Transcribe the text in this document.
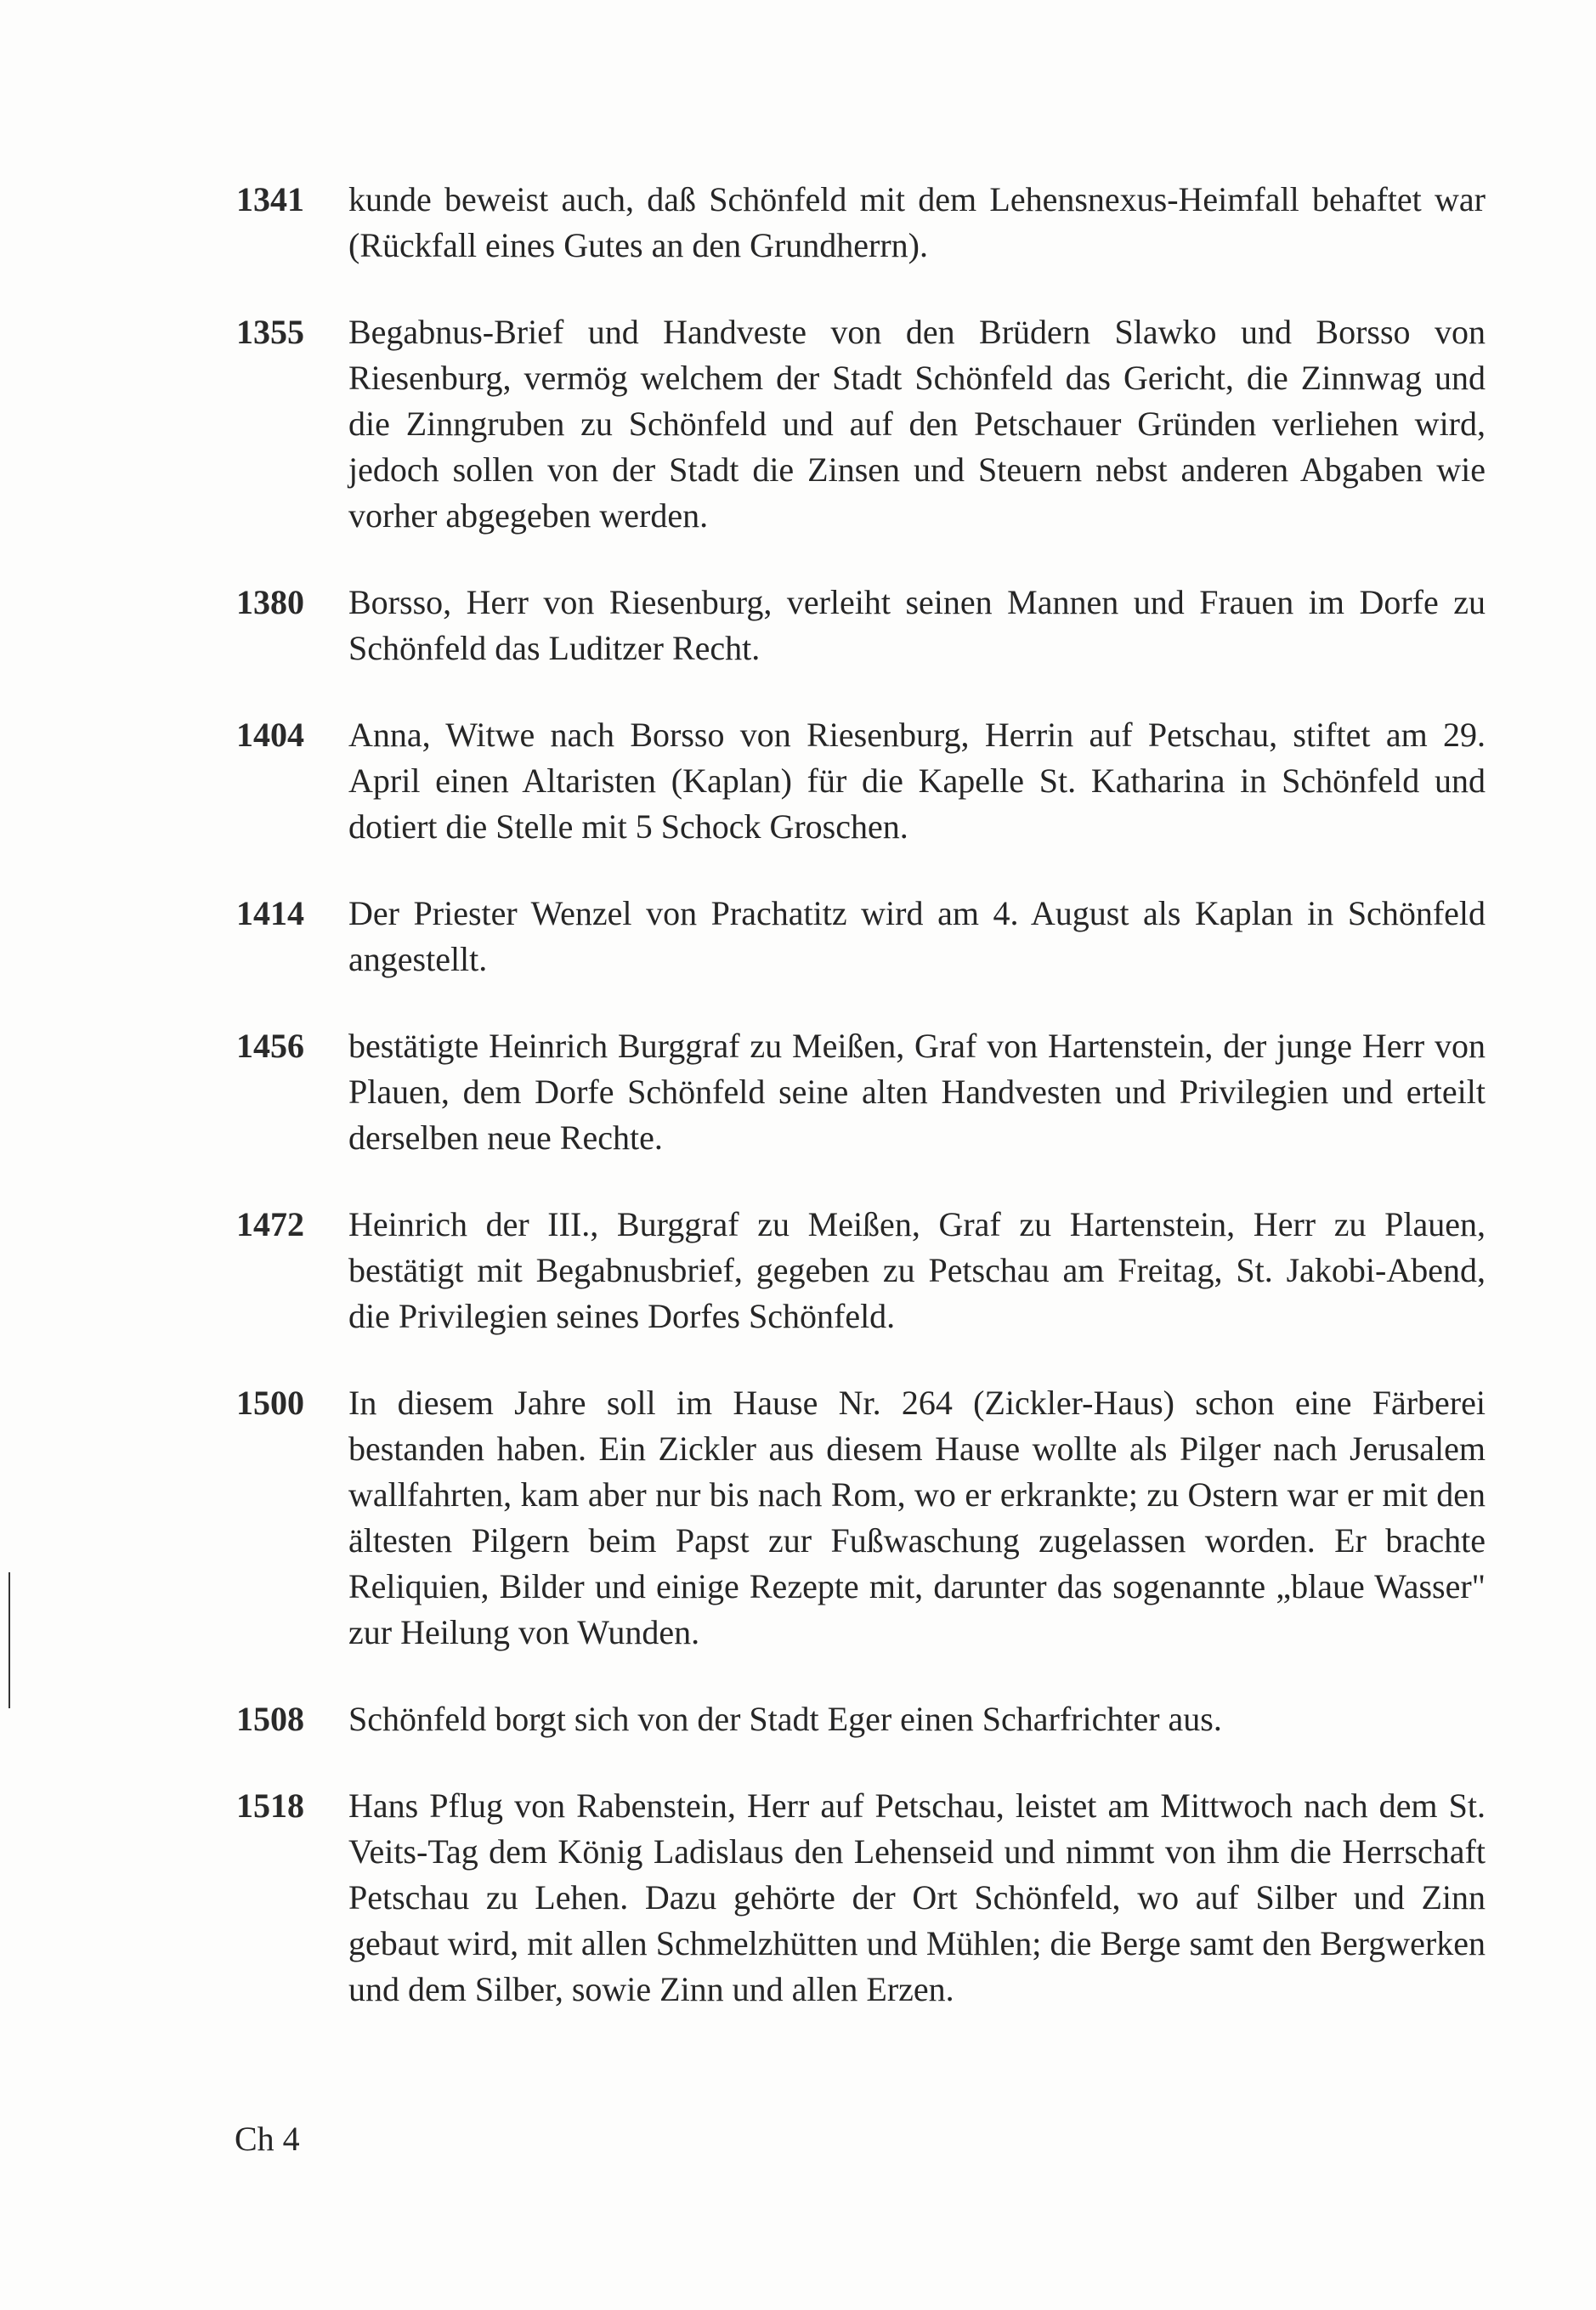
1341	kunde beweist auch, daß Schönfeld mit dem Lehensnexus-Heimfall behaftet war (Rückfall eines Gutes an den Grundherrn).
1355	Begabnus-Brief und Handveste von den Brüdern Slawko und Borsso von Riesenburg, vermög welchem der Stadt Schönfeld das Gericht, die Zinnwag und die Zinngruben zu Schönfeld und auf den Petschauer Gründen verliehen wird, jedoch sollen von der Stadt die Zinsen und Steuern nebst anderen Abgaben wie vorher abgegeben werden.
1380	Borsso, Herr von Riesenburg, verleiht seinen Mannen und Frauen im Dorfe zu Schönfeld das Luditzer Recht.
1404	Anna, Witwe nach Borsso von Riesenburg, Herrin auf Petschau, stiftet am 29. April einen Altaristen (Kaplan) für die Kapelle St. Katharina in Schönfeld und dotiert die Stelle mit 5 Schock Groschen.
1414	Der Priester Wenzel von Prachatitz wird am 4. August als Kaplan in Schönfeld angestellt.
1456	bestätigte Heinrich Burggraf zu Meißen, Graf von Hartenstein, der junge Herr von Plauen, dem Dorfe Schönfeld seine alten Handvesten und Privilegien und erteilt derselben neue Rechte.
1472	Heinrich der III., Burggraf zu Meißen, Graf zu Hartenstein, Herr zu Plauen, bestätigt mit Begabnusbrief, gegeben zu Petschau am Freitag, St. Jakobi-Abend, die Privilegien seines Dorfes Schönfeld.
1500	In diesem Jahre soll im Hause Nr. 264 (Zickler-Haus) schon eine Färberei bestanden haben. Ein Zickler aus diesem Hause wollte als Pilger nach Jerusalem wallfahrten, kam aber nur bis nach Rom, wo er erkrankte; zu Ostern war er mit den ältesten Pilgern beim Papst zur Fußwaschung zugelassen worden. Er brachte Reliquien, Bilder und einige Rezepte mit, darunter das sogenannte „blaue Wasser" zur Heilung von Wunden.
1508	Schönfeld borgt sich von der Stadt Eger einen Scharfrichter aus.
1518	Hans Pflug von Rabenstein, Herr auf Petschau, leistet am Mittwoch nach dem St. Veits-Tag dem König Ladislaus den Lehenseid und nimmt von ihm die Herrschaft Petschau zu Lehen. Dazu gehörte der Ort Schönfeld, wo auf Silber und Zinn gebaut wird, mit allen Schmelzhütten und Mühlen; die Berge samt den Bergwerken und dem Silber, sowie Zinn und allen Erzen.
Ch 4
